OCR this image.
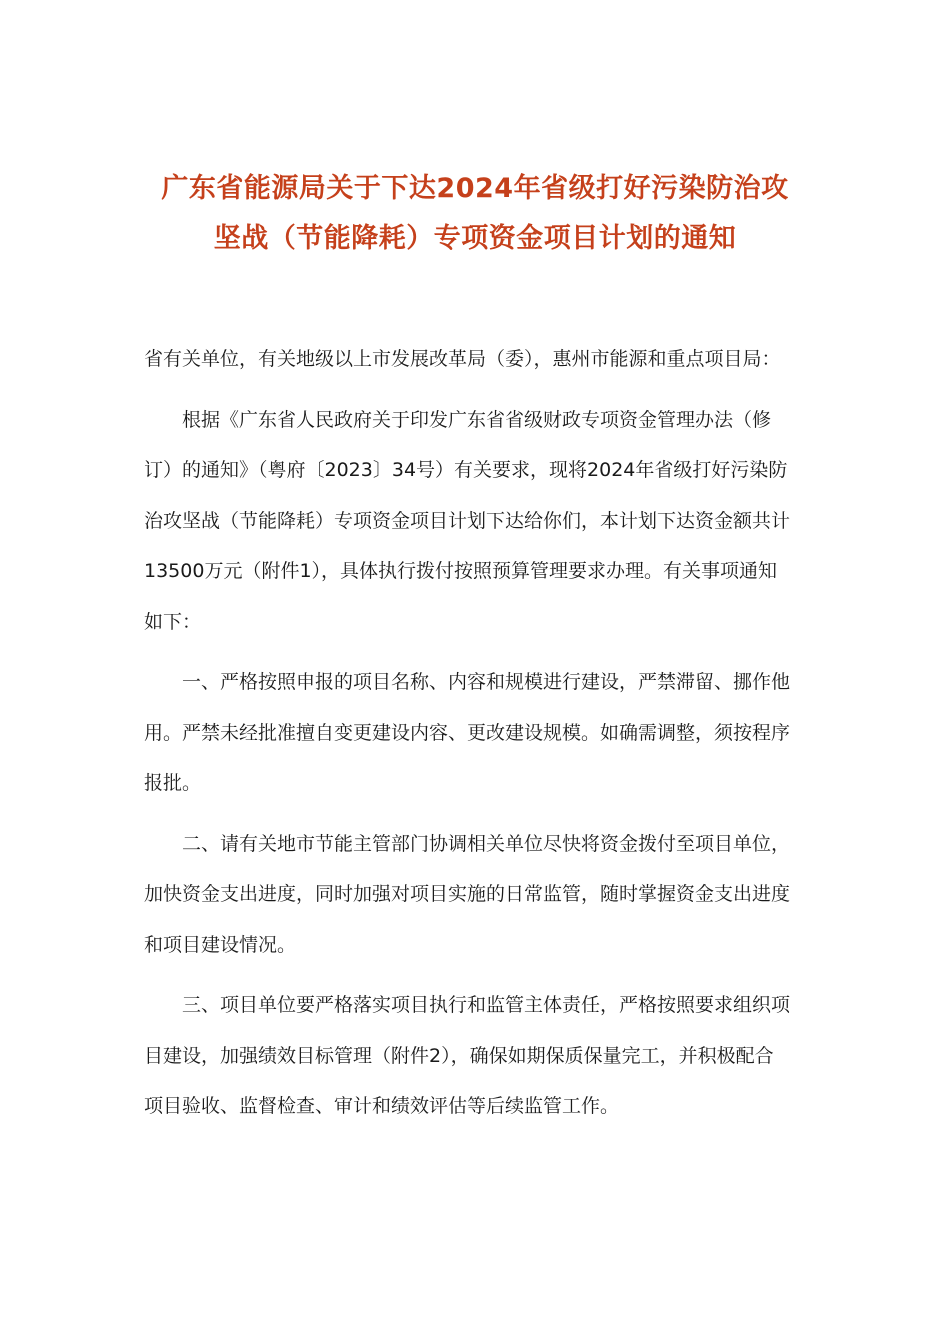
广东省能源局关于下达2024年省级打好污染防治攻
坚战（节能降耗）专项资金项目计划的通知

省有关单位，有关地级以上市发展改革局（委），惠州市能源和重点项目局：

根据《广东省人民政府关于印发广东省省级财政专项资金管理办法（修
订）的通知》（粤府〔2023〕34号）有关要求，现将2024年省级打好污染防
治攻坚战（节能降耗）专项资金项目计划下达给你们，本计划下达资金额共计
13500万元（附件1），具体执行拨付按照预算管理要求办理。有关事项通知
如下：

一、严格按照申报的项目名称、内容和规模进行建设，严禁滞留、挪作他
用。严禁未经批准擅自变更建设内容、更改建设规模。如确需调整，须按程序
报批。

二、请有关地市节能主管部门协调相关单位尽快将资金拨付至项目单位，
加快资金支出进度，同时加强对项目实施的日常监管，随时掌握资金支出进度
和项目建设情况。

三、项目单位要严格落实项目执行和监管主体责任，严格按照要求组织项
目建设，加强绩效目标管理（附件2），确保如期保质保量完工，并积极配合
项目验收、监督检查、审计和绩效评估等后续监管工作。
